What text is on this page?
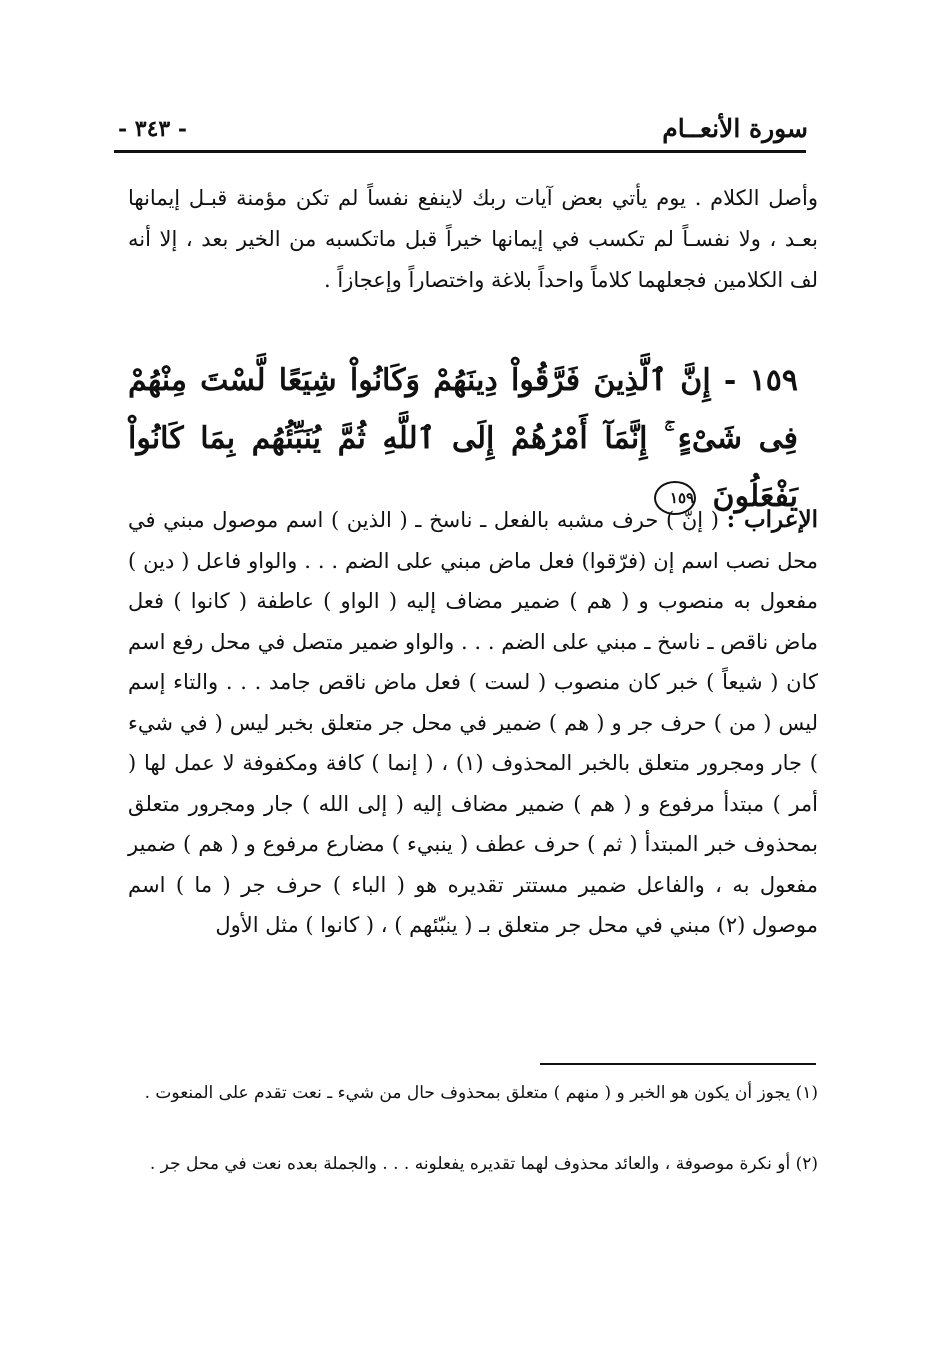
سورة الأنعــام
- ٣٤٣ -
وأصل الكلام . يوم يأتي بعض آيات ربك لاينفع نفساً لم تكن مؤمنة قبـل إيمانها بعـد ، ولا نفسـاً لم تكسب في إيمانها خيراً قبل ماتكسبه من الخير بعد ، إلا أنه لف الكلامين فجعلهما كلاماً واحداً بلاغة واختصاراً وإعجازاً .
١٥٩ - إِنَّ ٱلَّذِينَ فَرَّقُواْ دِينَهُمْ وَكَانُواْ شِيَعًا لَّسْتَ مِنْهُمْ فِى شَىْءٍ ۚ إِنَّمَآ أَمْرُهُمْ إِلَى ٱللَّهِ ثُمَّ يُنَبِّئُهُم بِمَا كَانُواْ يَفْعَلُونَ ١٥٩
الإعراب : ( إنّ ) حرف مشبه بالفعل ـ ناسخ ـ ( الذين ) اسم موصول مبني في محل نصب اسم إن (فرّقوا) فعل ماض مبني على الضم . . . والواو فاعل ( دين ) مفعول به منصوب و ( هم ) ضمير مضاف إليه ( الواو ) عاطفة ( كانوا ) فعل ماض ناقص ـ ناسخ ـ مبني على الضم . . . والواو ضمير متصل في محل رفع اسم كان ( شيعاً ) خبر كان منصوب ( لست ) فعل ماض ناقص جامد . . . والتاء إسم ليس ( من ) حرف جر و ( هم ) ضمير في محل جر متعلق بخبر ليس ( في شيء ) جار ومجرور متعلق بالخبر المحذوف (١) ، ( إنما ) كافة ومكفوفة لا عمل لها ( أمر ) مبتدأ مرفوع و ( هم ) ضمير مضاف إليه ( إلى الله ) جار ومجرور متعلق بمحذوف خبر المبتدأ ( ثم ) حرف عطف ( ينبيء ) مضارع مرفوع و ( هم ) ضمير مفعول به ، والفاعل ضمير مستتر تقديره هو ( الباء ) حرف جر ( ما ) اسم موصول (٢) مبني في محل جر متعلق بـ ( ينبّئهم ) ، ( كانوا ) مثل الأول
(١) يجوز أن يكون هو الخبر و ( منهم ) متعلق بمحذوف حال من شيء ـ نعت تقدم على المنعوت .
(٢) أو نكرة موصوفة ، والعائد محذوف لهما تقديره يفعلونه . . . والجملة بعده نعت في محل جر .
